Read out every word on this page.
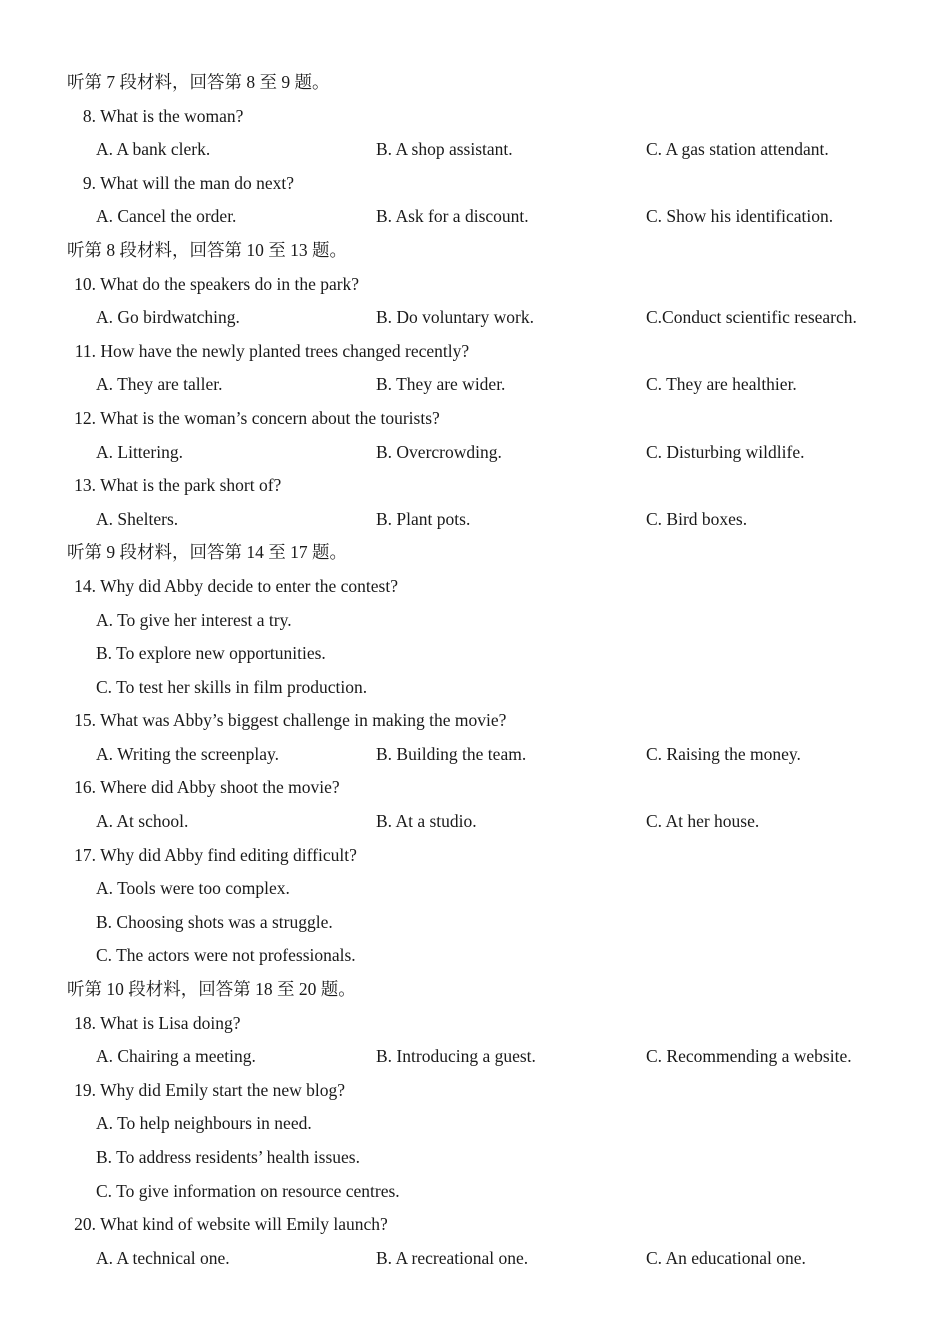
听第 7 段材料，回答第 8 至 9 题。
8. What is the woman?
A. A bank clerk.	B. A shop assistant.	C. A gas station attendant.
9. What will the man do next?
A. Cancel the order.	B. Ask for a discount.	C. Show his identification.
听第 8 段材料，回答第 10 至 13 题。
10. What do the speakers do in the park?
A. Go birdwatching.	B. Do voluntary work.	C.Conduct scientific research.
11. How have the newly planted trees changed recently?
A. They are taller.	B. They are wider.	C. They are healthier.
12. What is the woman’s concern about the tourists?
A. Littering.	B. Overcrowding.	C. Disturbing wildlife.
13. What is the park short of?
A. Shelters.	B. Plant pots.	C. Bird boxes.
听第 9 段材料，回答第 14 至 17 题。
14. Why did Abby decide to enter the contest?
A. To give her interest a try.
B. To explore new opportunities.
C. To test her skills in film production.
15. What was Abby’s biggest challenge in making the movie?
A. Writing the screenplay.	B. Building the team.	C. Raising the money.
16. Where did Abby shoot the movie?
A. At school.	B. At a studio.	C. At her house.
17. Why did Abby find editing difficult?
A. Tools were too complex.
B. Choosing shots was a struggle.
C. The actors were not professionals.
听第 10 段材料，回答第 18 至 20 题。
18. What is Lisa doing?
A. Chairing a meeting.	B. Introducing a guest.	C. Recommending a website.
19. Why did Emily start the new blog?
A. To help neighbours in need.
B. To address residents’ health issues.
C. To give information on resource centres.
20. What kind of website will Emily launch?
A. A technical one.	B. A recreational one.	C. An educational one.
